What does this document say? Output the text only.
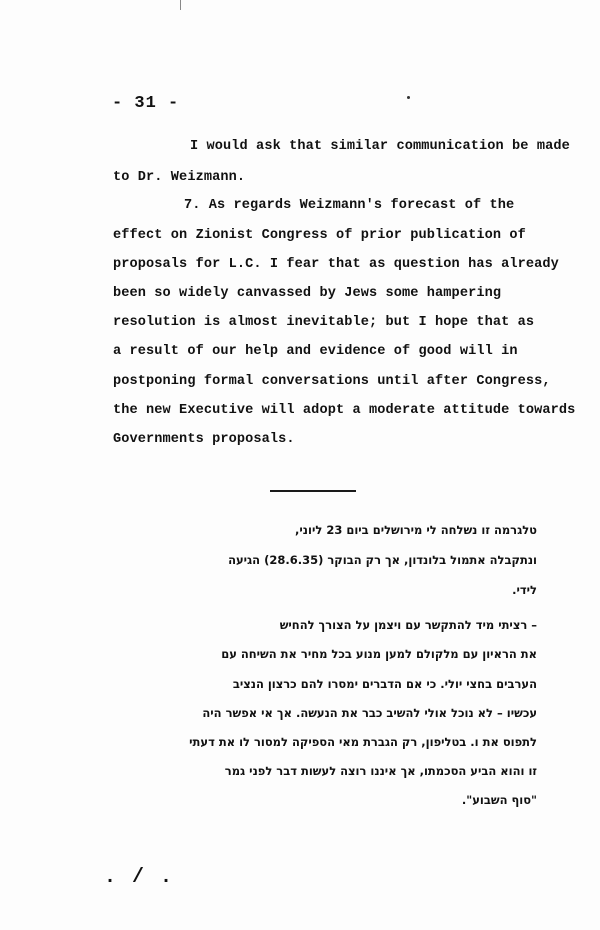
- 31 -
I would ask that similar communication be made
to Dr. Weizmann.
7. As regards Weizmann's forecast of the
effect on Zionist Congress of prior publication of
proposals for L.C. I fear that as question has already
been so widely canvassed by Jews some hampering
resolution is almost inevitable; but I hope that as
a result of our help and evidence of good will in
postponing formal conversations until after Congress,
the new Executive will adopt a moderate attitude towards
Governments proposals.
טלגרמה זו נשלחה לי מירושלים ביום 23 ליוני,
ונתקבלה אתמול בלונדון, אך רק הבוקר (28.6.35) הגיעה
לידי.
– רציתי מיד להתקשר עם ויצמן על הצורך להחיש
את הראיון עם מלקולם למען מנוע בכל מחיר את השיחה עם
הערבים בחצי יולי. כי אם הדברים ימסרו להם כרצון הנציב
עכשיו – לא נוכל אולי להשיב כבר את הנעשה. אך אי אפשר היה
לתפוס את ו. בטליפון, רק הגברת מאי הספיקה למסור לו את דעתי
זו והוא הביע הסכמתו, אך איננו רוצה לעשות דבר לפני גמר
"סוף השבוע".
. / .
